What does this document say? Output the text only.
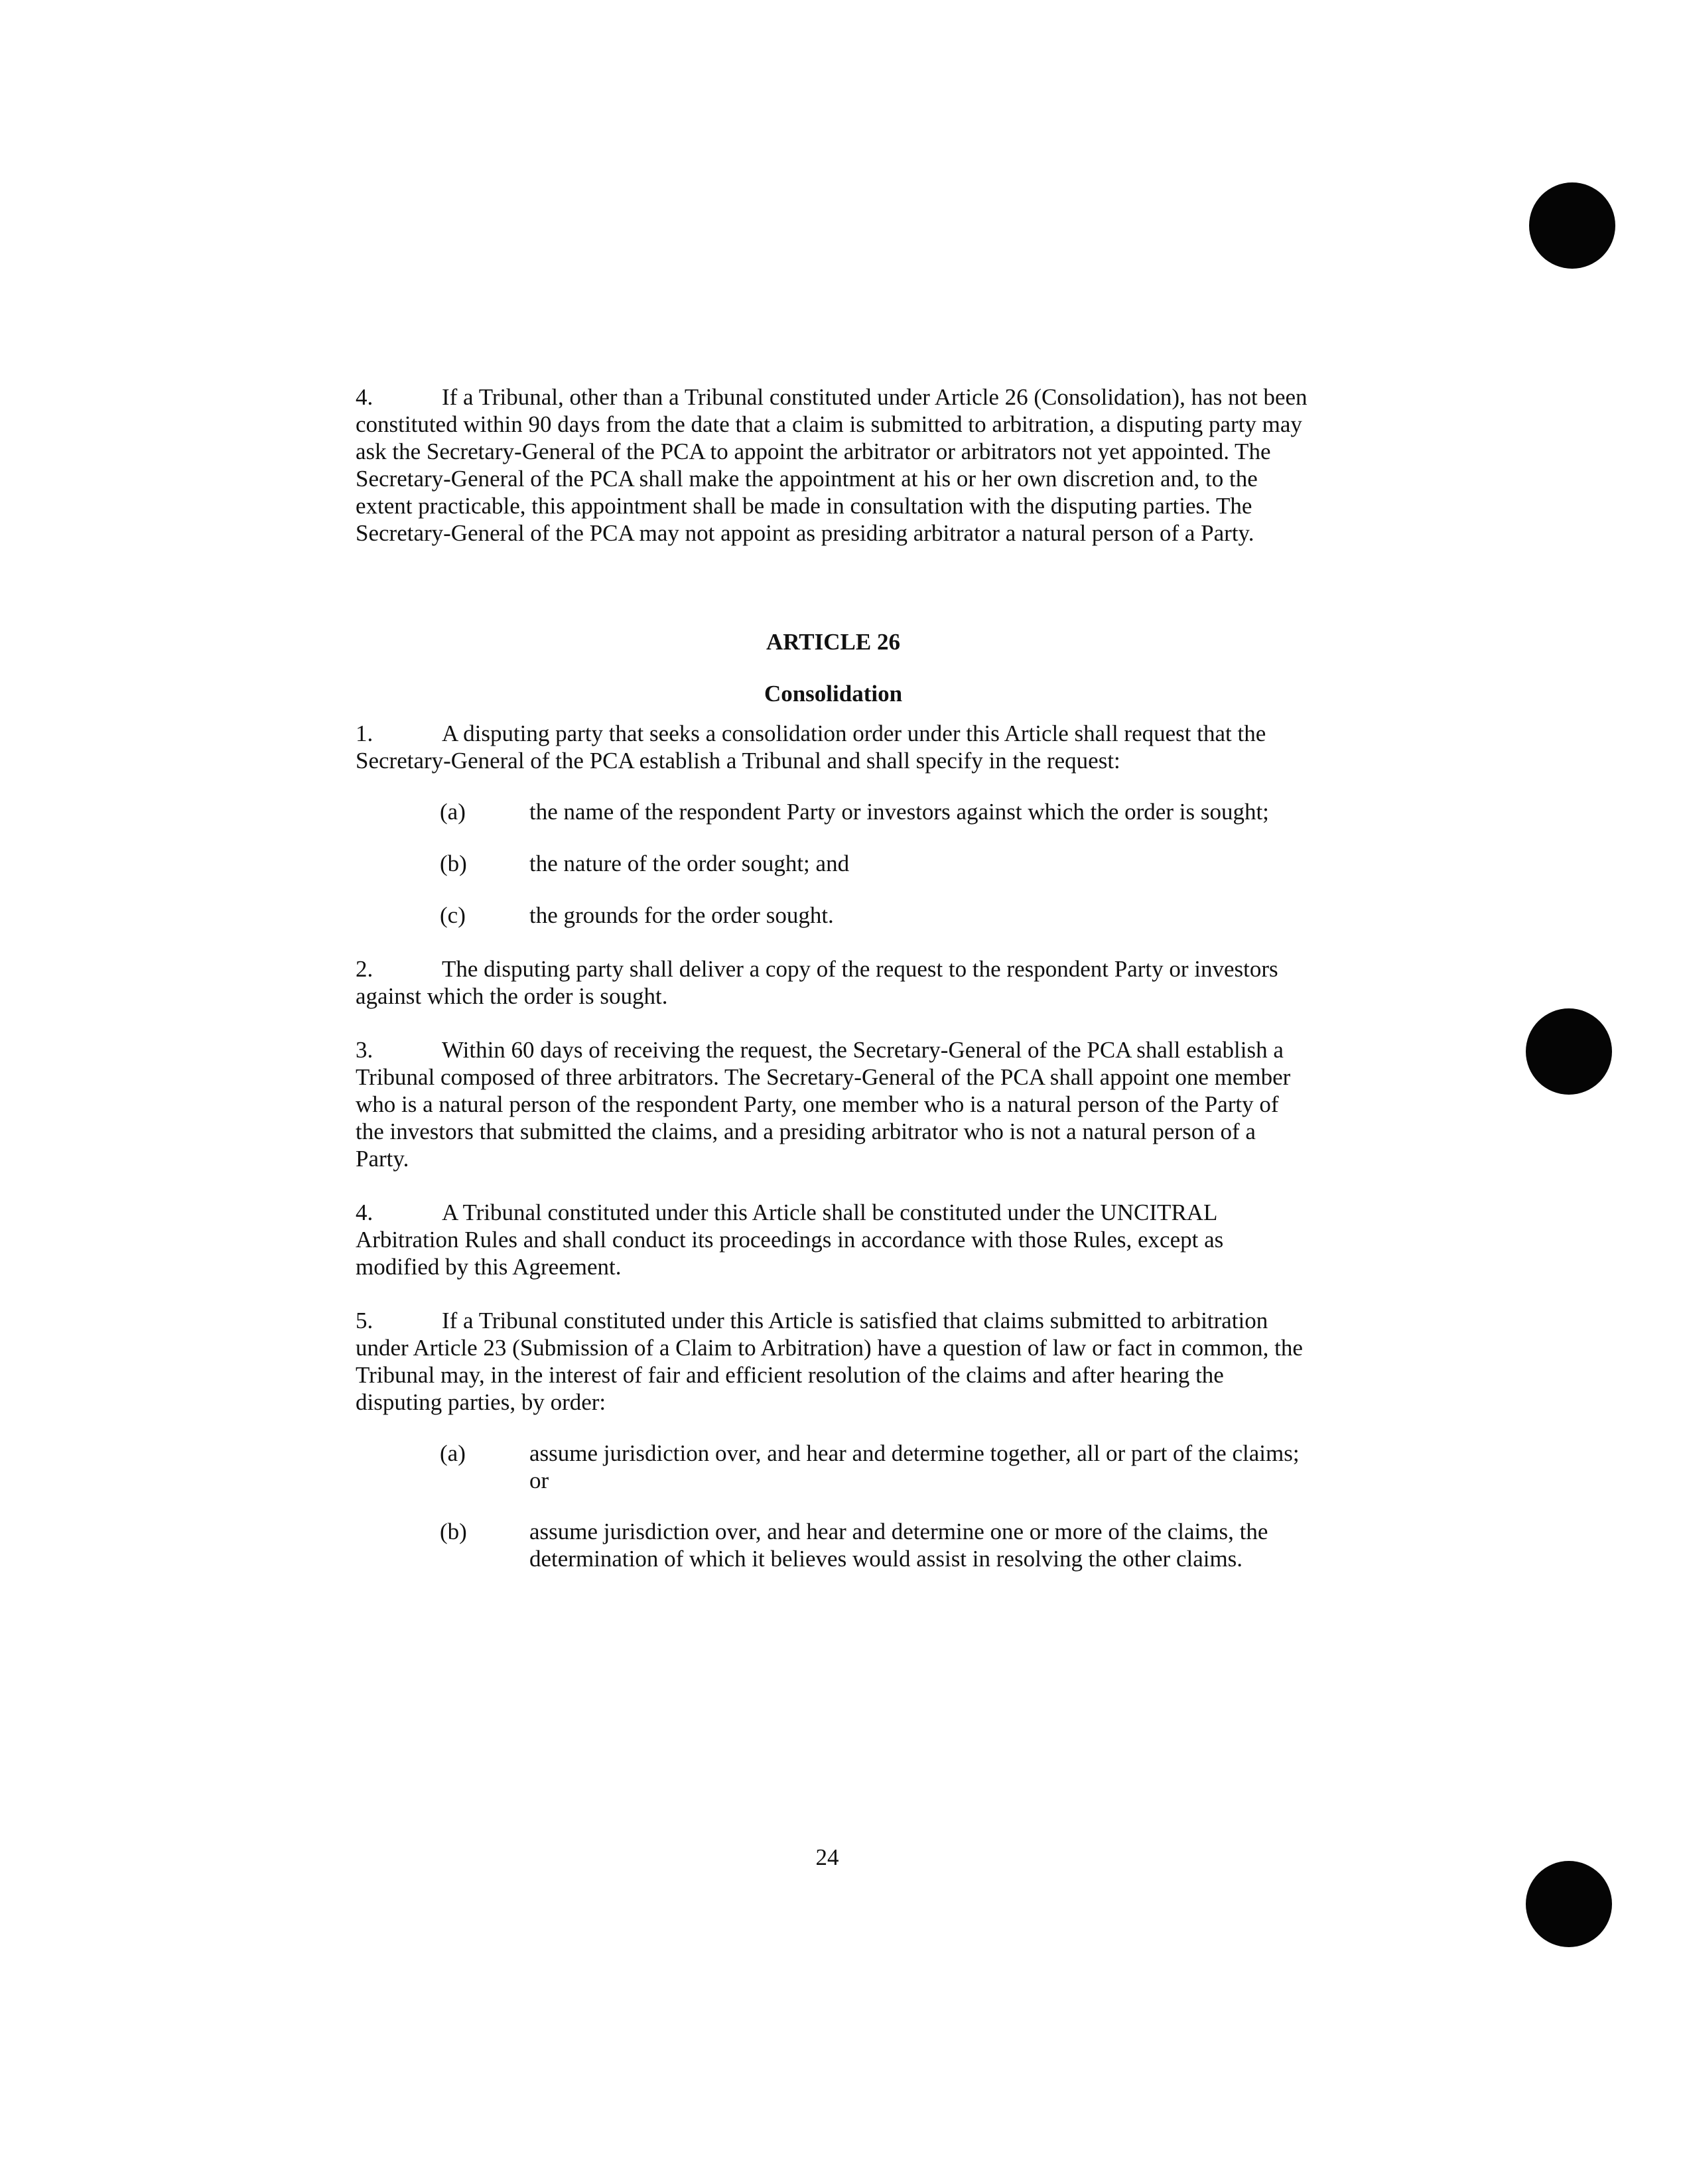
4.	If a Tribunal, other than a Tribunal constituted under Article 26 (Consolidation), has not been constituted within 90 days from the date that a claim is submitted to arbitration, a disputing party may ask the Secretary-General of the PCA to appoint the arbitrator or arbitrators not yet appointed. The Secretary-General of the PCA shall make the appointment at his or her own discretion and, to the extent practicable, this appointment shall be made in consultation with the disputing parties. The Secretary-General of the PCA may not appoint as presiding arbitrator a natural person of a Party.

ARTICLE 26

Consolidation

1.	A disputing party that seeks a consolidation order under this Article shall request that the Secretary-General of the PCA establish a Tribunal and shall specify in the request:

(a)	the name of the respondent Party or investors against which the order is sought;
(b)	the nature of the order sought; and
(c)	the grounds for the order sought.

2.	The disputing party shall deliver a copy of the request to the respondent Party or investors against which the order is sought.

3.	Within 60 days of receiving the request, the Secretary-General of the PCA shall establish a Tribunal composed of three arbitrators. The Secretary-General of the PCA shall appoint one member who is a natural person of the respondent Party, one member who is a natural person of the Party of the investors that submitted the claims, and a presiding arbitrator who is not a natural person of a Party.

4.	A Tribunal constituted under this Article shall be constituted under the UNCITRAL Arbitration Rules and shall conduct its proceedings in accordance with those Rules, except as modified by this Agreement.

5.	If a Tribunal constituted under this Article is satisfied that claims submitted to arbitration under Article 23 (Submission of a Claim to Arbitration) have a question of law or fact in common, the Tribunal may, in the interest of fair and efficient resolution of the claims and after hearing the disputing parties, by order:

(a)	assume jurisdiction over, and hear and determine together, all or part of the claims; or
(b)	assume jurisdiction over, and hear and determine one or more of the claims, the determination of which it believes would assist in resolving the other claims.
24
